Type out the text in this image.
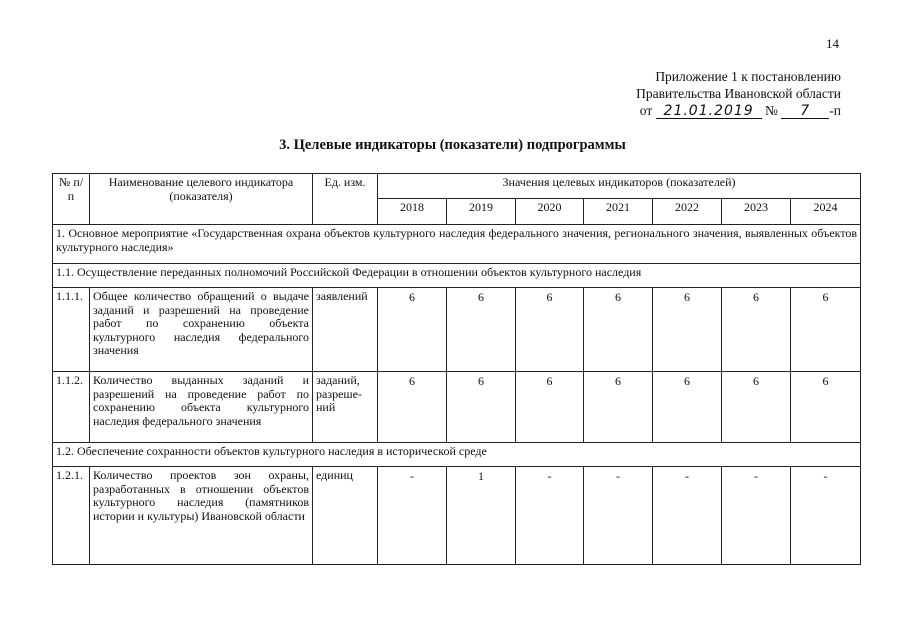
14
Приложение 1 к постановлению
Правительства Ивановской области
от 21.01.2019 № 7 -п
3. Целевые индикаторы (показатели) подпрограммы
№ п/п	Наименование целевого индикатора (показателя)	Ед. изм.	Значения целевых индикаторов (показателей)						
			2018	2019	2020	2021	2022	2023	2024
1. Основное мероприятие «Государственная охрана объектов культурного наследия федерального значения, регионального значения, выявленных объектов культурного наследия»									
1.1. Осуществление переданных полномочий Российской Федерации в отношении объектов культурного наследия									
1.1.1.	Общее количество обращений о выдаче заданий и разрешений на проведение работ по сохранению объекта культурного наследия федерального значения	заявлений	6	6	6	6	6	6	6
1.1.2.	Количество выданных заданий и разрешений на проведение работ по сохранению объекта культурного наследия федерального значения	заданий, разреше-ний	6	6	6	6	6	6	6
1.2. Обеспечение сохранности объектов культурного наследия в исторической среде									
1.2.1.	Количество проектов зон охраны, разработанных в отношении объектов культурного наследия (памятников истории и культуры) Ивановской области	единиц	-	1	-	-	-	-	-
